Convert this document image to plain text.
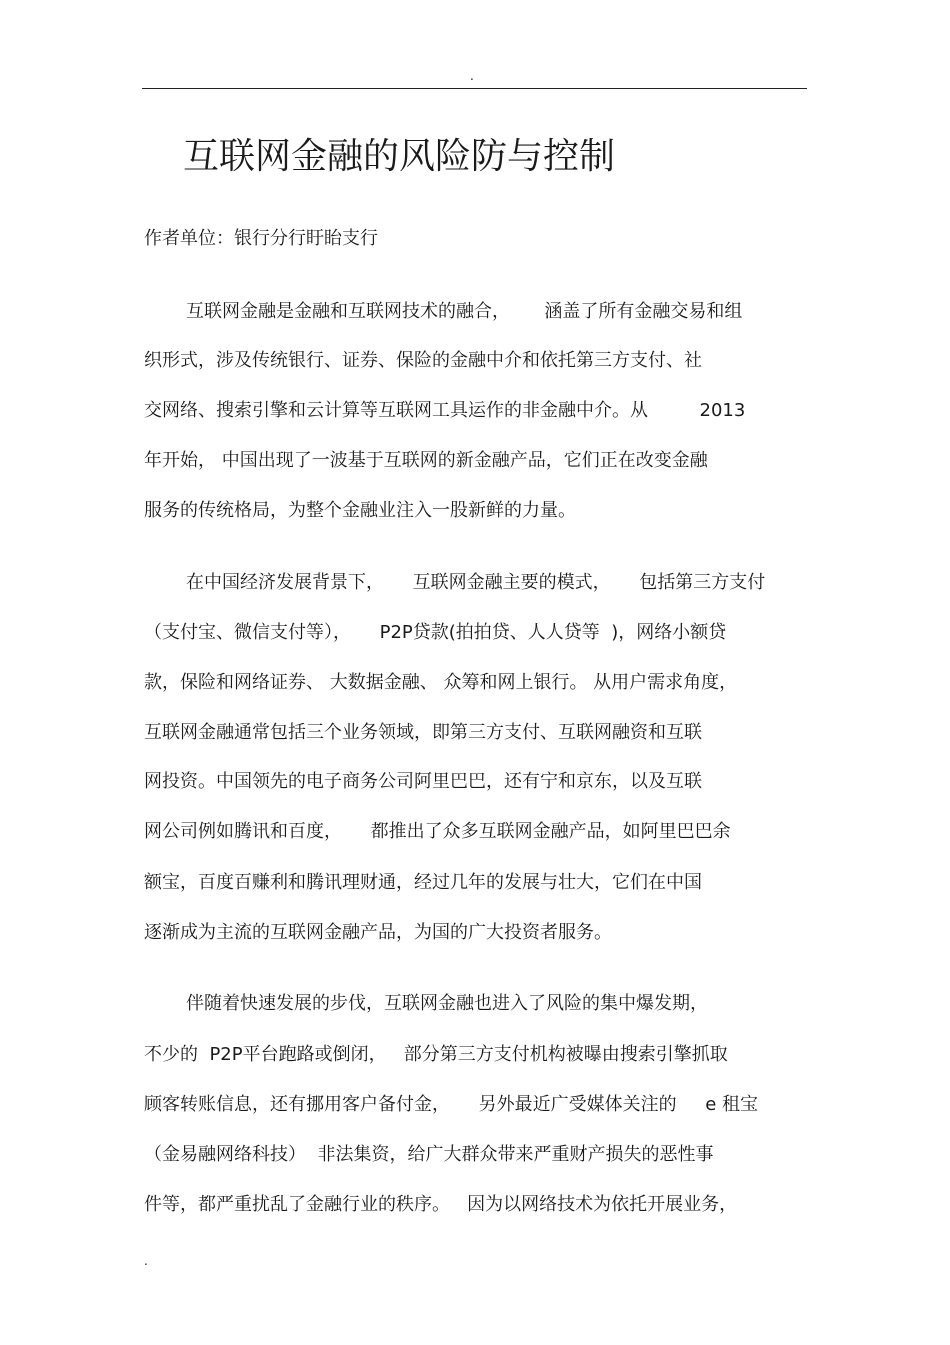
.
互联网金融的风险防与控制
作者单位：银行分行盱眙支行
互联网金融是金融和互联网技术的融合，      涵盖了所有金融交易和组
织形式，涉及传统银行、证券、保险的金融中介和依托第三方支付、社
交网络、搜索引擎和云计算等互联网工具运作的非金融中介。从         2013
年开始， 中国出现了一波基于互联网的新金融产品，它们正在改变金融
服务的传统格局，为整个金融业注入一股新鲜的力量。
在中国经济发展背景下，     互联网金融主要的模式，     包括第三方支付
（支付宝、微信支付等），     P2P贷款(拍拍贷、人人贷等  )，网络小额贷
款，保险和网络证券、 大数据金融、 众筹和网上银行。 从用户需求角度，
互联网金融通常包括三个业务领域，即第三方支付、互联网融资和互联
网投资。中国领先的电子商务公司阿里巴巴，还有宁和京东，以及互联
网公司例如腾讯和百度，     都推出了众多互联网金融产品，如阿里巴巴余
额宝，百度百赚利和腾讯理财通，经过几年的发展与壮大，它们在中国
逐渐成为主流的互联网金融产品，为国的广大投资者服务。
伴随着快速发展的步伐，互联网金融也进入了风险的集中爆发期，
不少的  P2P平台跑路或倒闭，   部分第三方支付机构被曝由搜索引擎抓取
顾客转账信息，还有挪用客户备付金，     另外最近广受媒体关注的     e 租宝
（金易融网络科技）  非法集资，给广大群众带来严重财产损失的恶性事
件等，都严重扰乱了金融行业的秩序。   因为以网络技术为依托开展业务，
.
